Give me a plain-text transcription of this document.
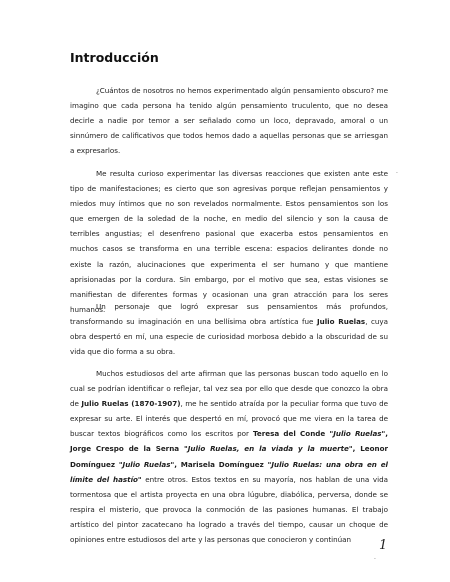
Introducción

¿Cuántos de nosotros no hemos experimentado algún pensamiento obscuro? me imagino que cada persona ha tenido algún pensamiento truculento, que no desea decirle a nadie por temor a ser señalado como un loco, depravado, amoral o un sinnúmero de calificativos que todos hemos dado a aquellas personas que se arriesgan a expresarlos.

Me resulta curioso experimentar las diversas reacciones que existen ante este tipo de manifestaciones; es cierto que son agresivas porque reflejan pensamientos y miedos muy íntimos que no son revelados normalmente. Estos pensamientos son los que emergen de la soledad de la noche, en medio del silencio y son la causa de terribles angustias; el desenfreno pasional que exacerba estos pensamientos en muchos casos se transforma en una terrible escena: espacios delirantes donde no existe la razón, alucinaciones que experimenta el ser humano y que mantiene aprisionadas por la cordura. Sin embargo, por el motivo que sea, estas visiones se manifiestan de diferentes formas y ocasionan una gran atracción para los seres humanos.

Un personaje que logró expresar sus pensamientos más profundos, transformando su imaginación en una bellísima obra artística fue Julio Ruelas, cuya obra despertó en mí, una especie de curiosidad morbosa debido a la obscuridad de su vida que dio forma a su obra.

Muchos estudiosos del arte afirman que las personas buscan todo aquello en lo cual se podrían identificar o reflejar, tal vez sea por ello que desde que conozco la obra de Julio Ruelas (1870-1907), me he sentido atraída por la peculiar forma que tuvo de expresar su arte. El interés que despertó en mí, provocó que me viera en la tarea de buscar textos biográficos como los escritos por Teresa del Conde "Julio Ruelas", Jorge Crespo de la Serna "Julio Ruelas, en la viada y la muerte", Leonor Domínguez "Julio Ruelas", Marisela Domínguez "Julio Ruelas: una obra en el límite del hastío" entre otros. Estos textos en su mayoría, nos hablan de una vida tormentosa que el artista proyecta en una obra lúgubre, diabólica, perversa, donde se respira el misterio, que provoca la conmoción de las pasiones humanas. El trabajo artístico del pintor zacatecano ha logrado a través del tiempo, causar un choque de opiniones entre estudiosos del arte y las personas que conocieron y continúan

·
1
·
